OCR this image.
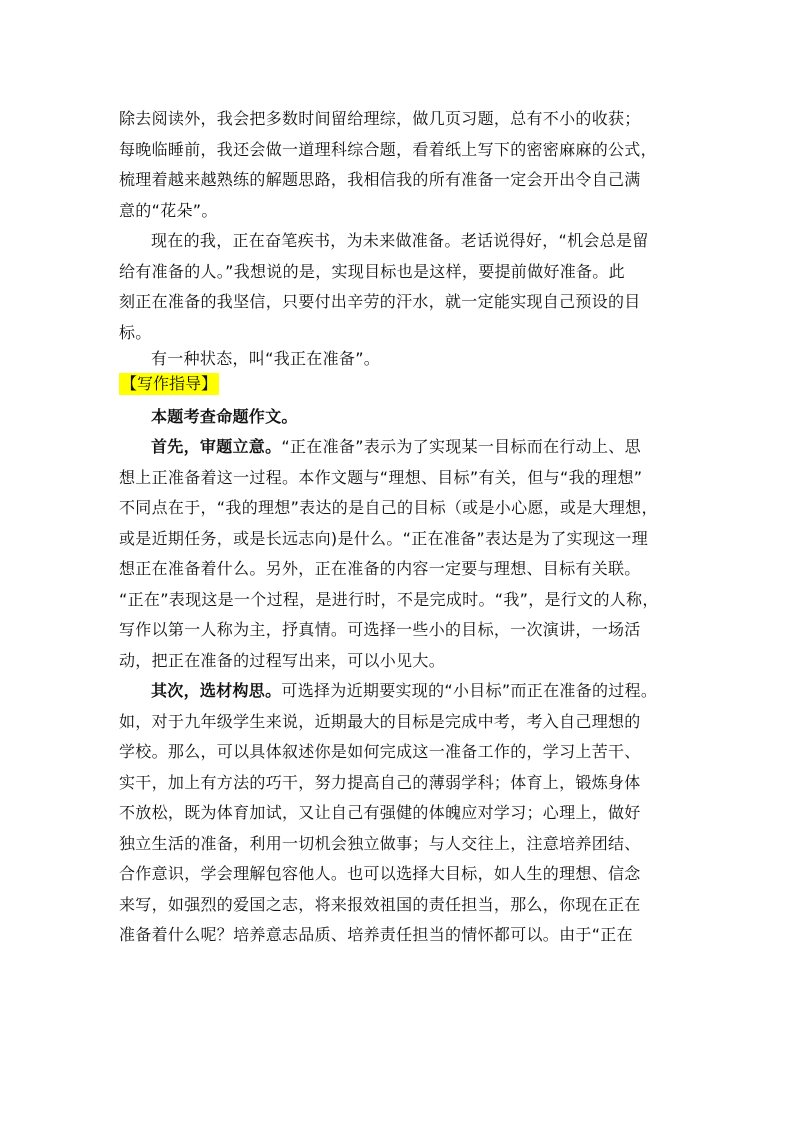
除去阅读外，我会把多数时间留给理综，做几页习题，总有不小的收获；
每晚临睡前，我还会做一道理科综合题，看着纸上写下的密密麻麻的公式，
梳理着越来越熟练的解题思路，我相信我的所有准备一定会开出令自己满
意的“花朵”。
现在的我，正在奋笔疾书，为未来做准备。老话说得好，“机会总是留
给有准备的人。”我想说的是，实现目标也是这样，要提前做好准备。此
刻正在准备的我坚信，只要付出辛劳的汗水，就一定能实现自己预设的目
标。
有一种状态，叫“我正在准备”。
【写作指导】
本题考查命题作文。
首先，审题立意。“正在准备”表示为了实现某一目标而在行动上、思
想上正准备着这一过程。本作文题与“理想、目标”有关，但与“我的理想”
不同点在于，“我的理想”表达的是自己的目标（或是小心愿，或是大理想，
或是近期任务，或是长远志向)是什么。“正在准备”表达是为了实现这一理
想正在准备着什么。另外，正在准备的内容一定要与理想、目标有关联。
“正在”表现这是一个过程，是进行时，不是完成时。“我”，是行文的人称，
写作以第一人称为主，抒真情。可选择一些小的目标，一次演讲，一场活
动，把正在准备的过程写出来，可以小见大。
其次，选材构思。可选择为近期要实现的“小目标”而正在准备的过程。
如，对于九年级学生来说，近期最大的目标是完成中考，考入自己理想的
学校。那么，可以具体叙述你是如何完成这一准备工作的，学习上苦干、
实干，加上有方法的巧干，努力提高自己的薄弱学科；体育上，锻炼身体
不放松，既为体育加试，又让自己有强健的体魄应对学习；心理上，做好
独立生活的准备，利用一切机会独立做事；与人交往上，注意培养团结、
合作意识，学会理解包容他人。也可以选择大目标，如人生的理想、信念
来写，如强烈的爱国之志，将来报效祖国的责任担当，那么，你现在正在
准备着什么呢？培养意志品质、培养责任担当的情怀都可以。由于“正在
